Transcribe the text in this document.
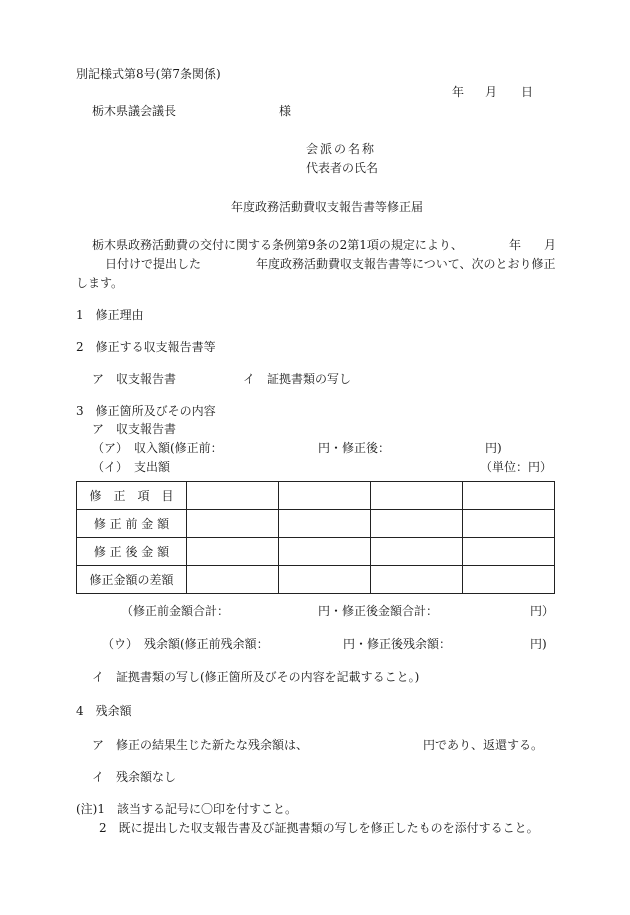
別記様式第8号(第7条関係)
年 月 日
栃木県議会議長	様
会派の名称
代表者の氏名
年度政務活動費収支報告書等修正届
栃木県政務活動費の交付に関する条例第9条の2第1項の規定により、	年 月
日付けで提出した	年度政務活動費収支報告書等について、次のとおり修正
します。
1　修正理由
2　修正する収支報告書等
ア　収支報告書	イ　証拠書類の写し
3　修正箇所及びその内容
ア　収支報告書
（ア）　収入額(修正前：	円・修正後：	円)
（イ）　支出額	（単位：円）
修　正　項　目				
修 正 前 金 額				
修 正 後 金 額				
修正金額の差額				
（修正前金額合計：	円・修正後金額合計：	円）
（ウ）　残余額(修正前残余額：	円・修正後残余額：	円)
イ　証拠書類の写し(修正箇所及びその内容を記載すること。)
4　残余額
ア　修正の結果生じた新たな残余額は、	円であり、返還する。
イ　残余額なし
(注)1　該当する記号に〇印を付すこと。
2　既に提出した収支報告書及び証拠書類の写しを修正したものを添付すること。
